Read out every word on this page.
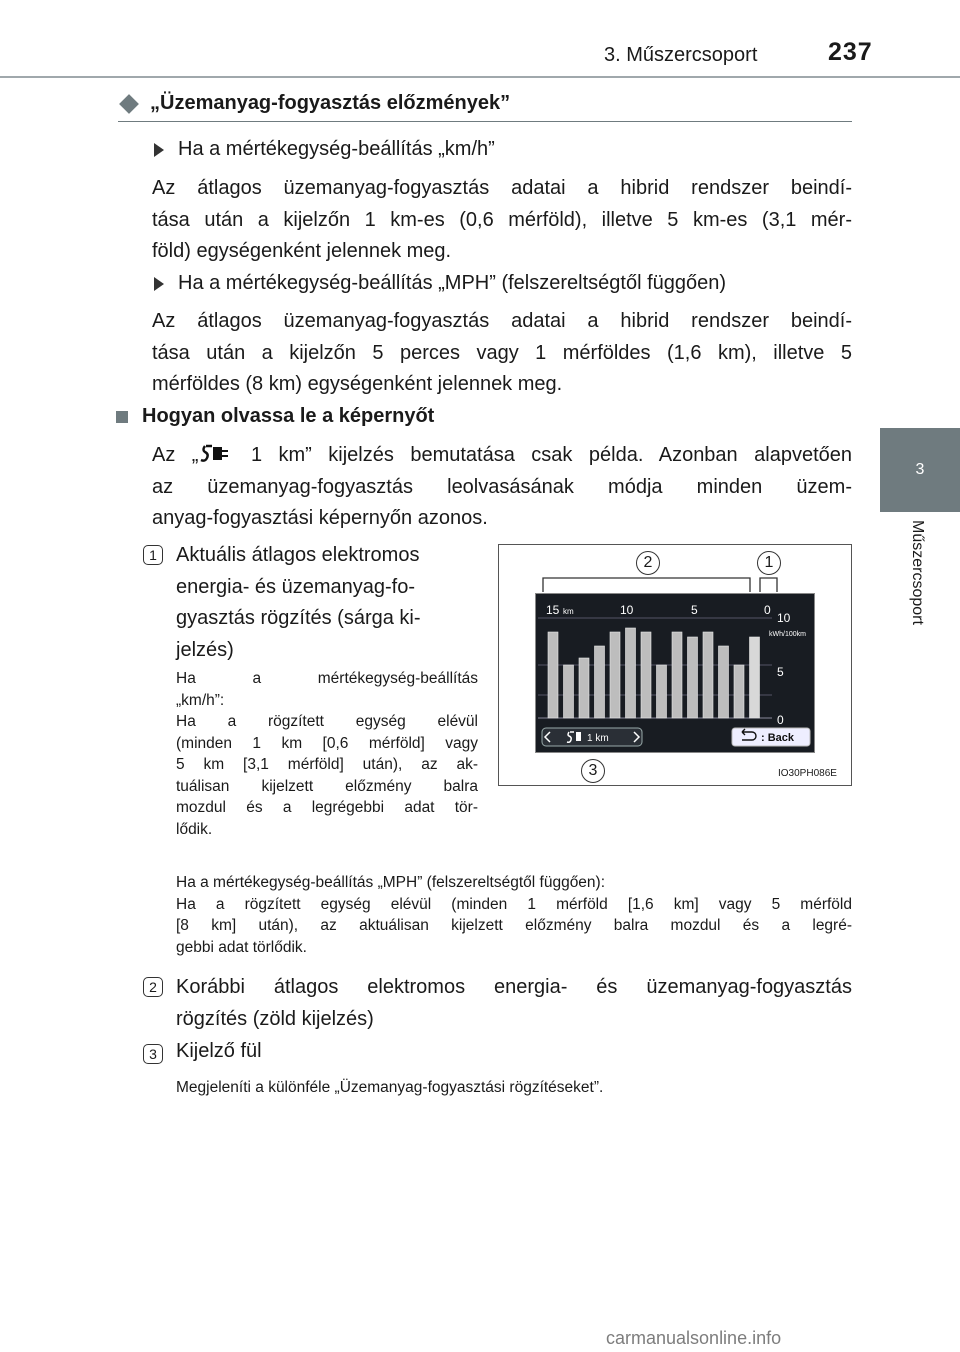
3. Műszercsoport	237
3
Műszercsoport
„Üzemanyag-fogyasztás előzmények”
Ha a mértékegység-beállítás „km/h”
Az átlagos üzemanyag-fogyasztás adatai a hibrid rendszer beindí-
tása után a kijelzőn 1 km-es (0,6 mérföld), illetve 5 km-es (3,1 mér-
föld) egységenként jelennek meg.
Ha a mértékegység-beállítás „MPH” (felszereltségtől függően)
Az átlagos üzemanyag-fogyasztás adatai a hibrid rendszer beindí-
tása után a kijelzőn 5 perces vagy 1 mérföldes (1,6 km), illetve 5
mérföldes (8 km) egységenként jelennek meg.
Hogyan olvassa le a képernyőt
Az „	1 km” kijelzés bemutatása csak példa. Azonban alapvetően
az üzemanyag-fogyasztás leolvasásának módja minden üzem-
anyag-fogyasztási képernyőn azonos.
1 Aktuális átlagos elektromos
energia- és üzemanyag-fo-
gyasztás rögzítés (sárga ki-
jelzés)
Ha a mértékegység-beállítás
„km/h”:
Ha a rögzített egység elévül
(minden 1 km [0,6 mérföld] vagy
5 km [3,1 mérföld] után), az ak-
tuálisan kijelzett előzmény balra
mozdul és a legrégebbi adat tör-
lődik.
Ha a mértékegység-beállítás „MPH” (felszereltségtől függően):
Ha a rögzített egység elévül (minden 1 mérföld [1,6 km] vagy 5 mérföld
[8 km] után), az aktuálisan kijelzett előzmény balra mozdul és a legré-
gebbi adat törlődik.
2	1
3
15 km	10	5	0
10
kWh/100km
5
0
1 km	: Back
IO30PH086E
2 Korábbi átlagos elektromos energia- és üzemanyag-fogyasztás
rögzítés (zöld kijelzés)
3 Kijelző fül
Megjeleníti a különféle „Üzemanyag-fogyasztási rögzítéseket”.
carmanualsonline.info
